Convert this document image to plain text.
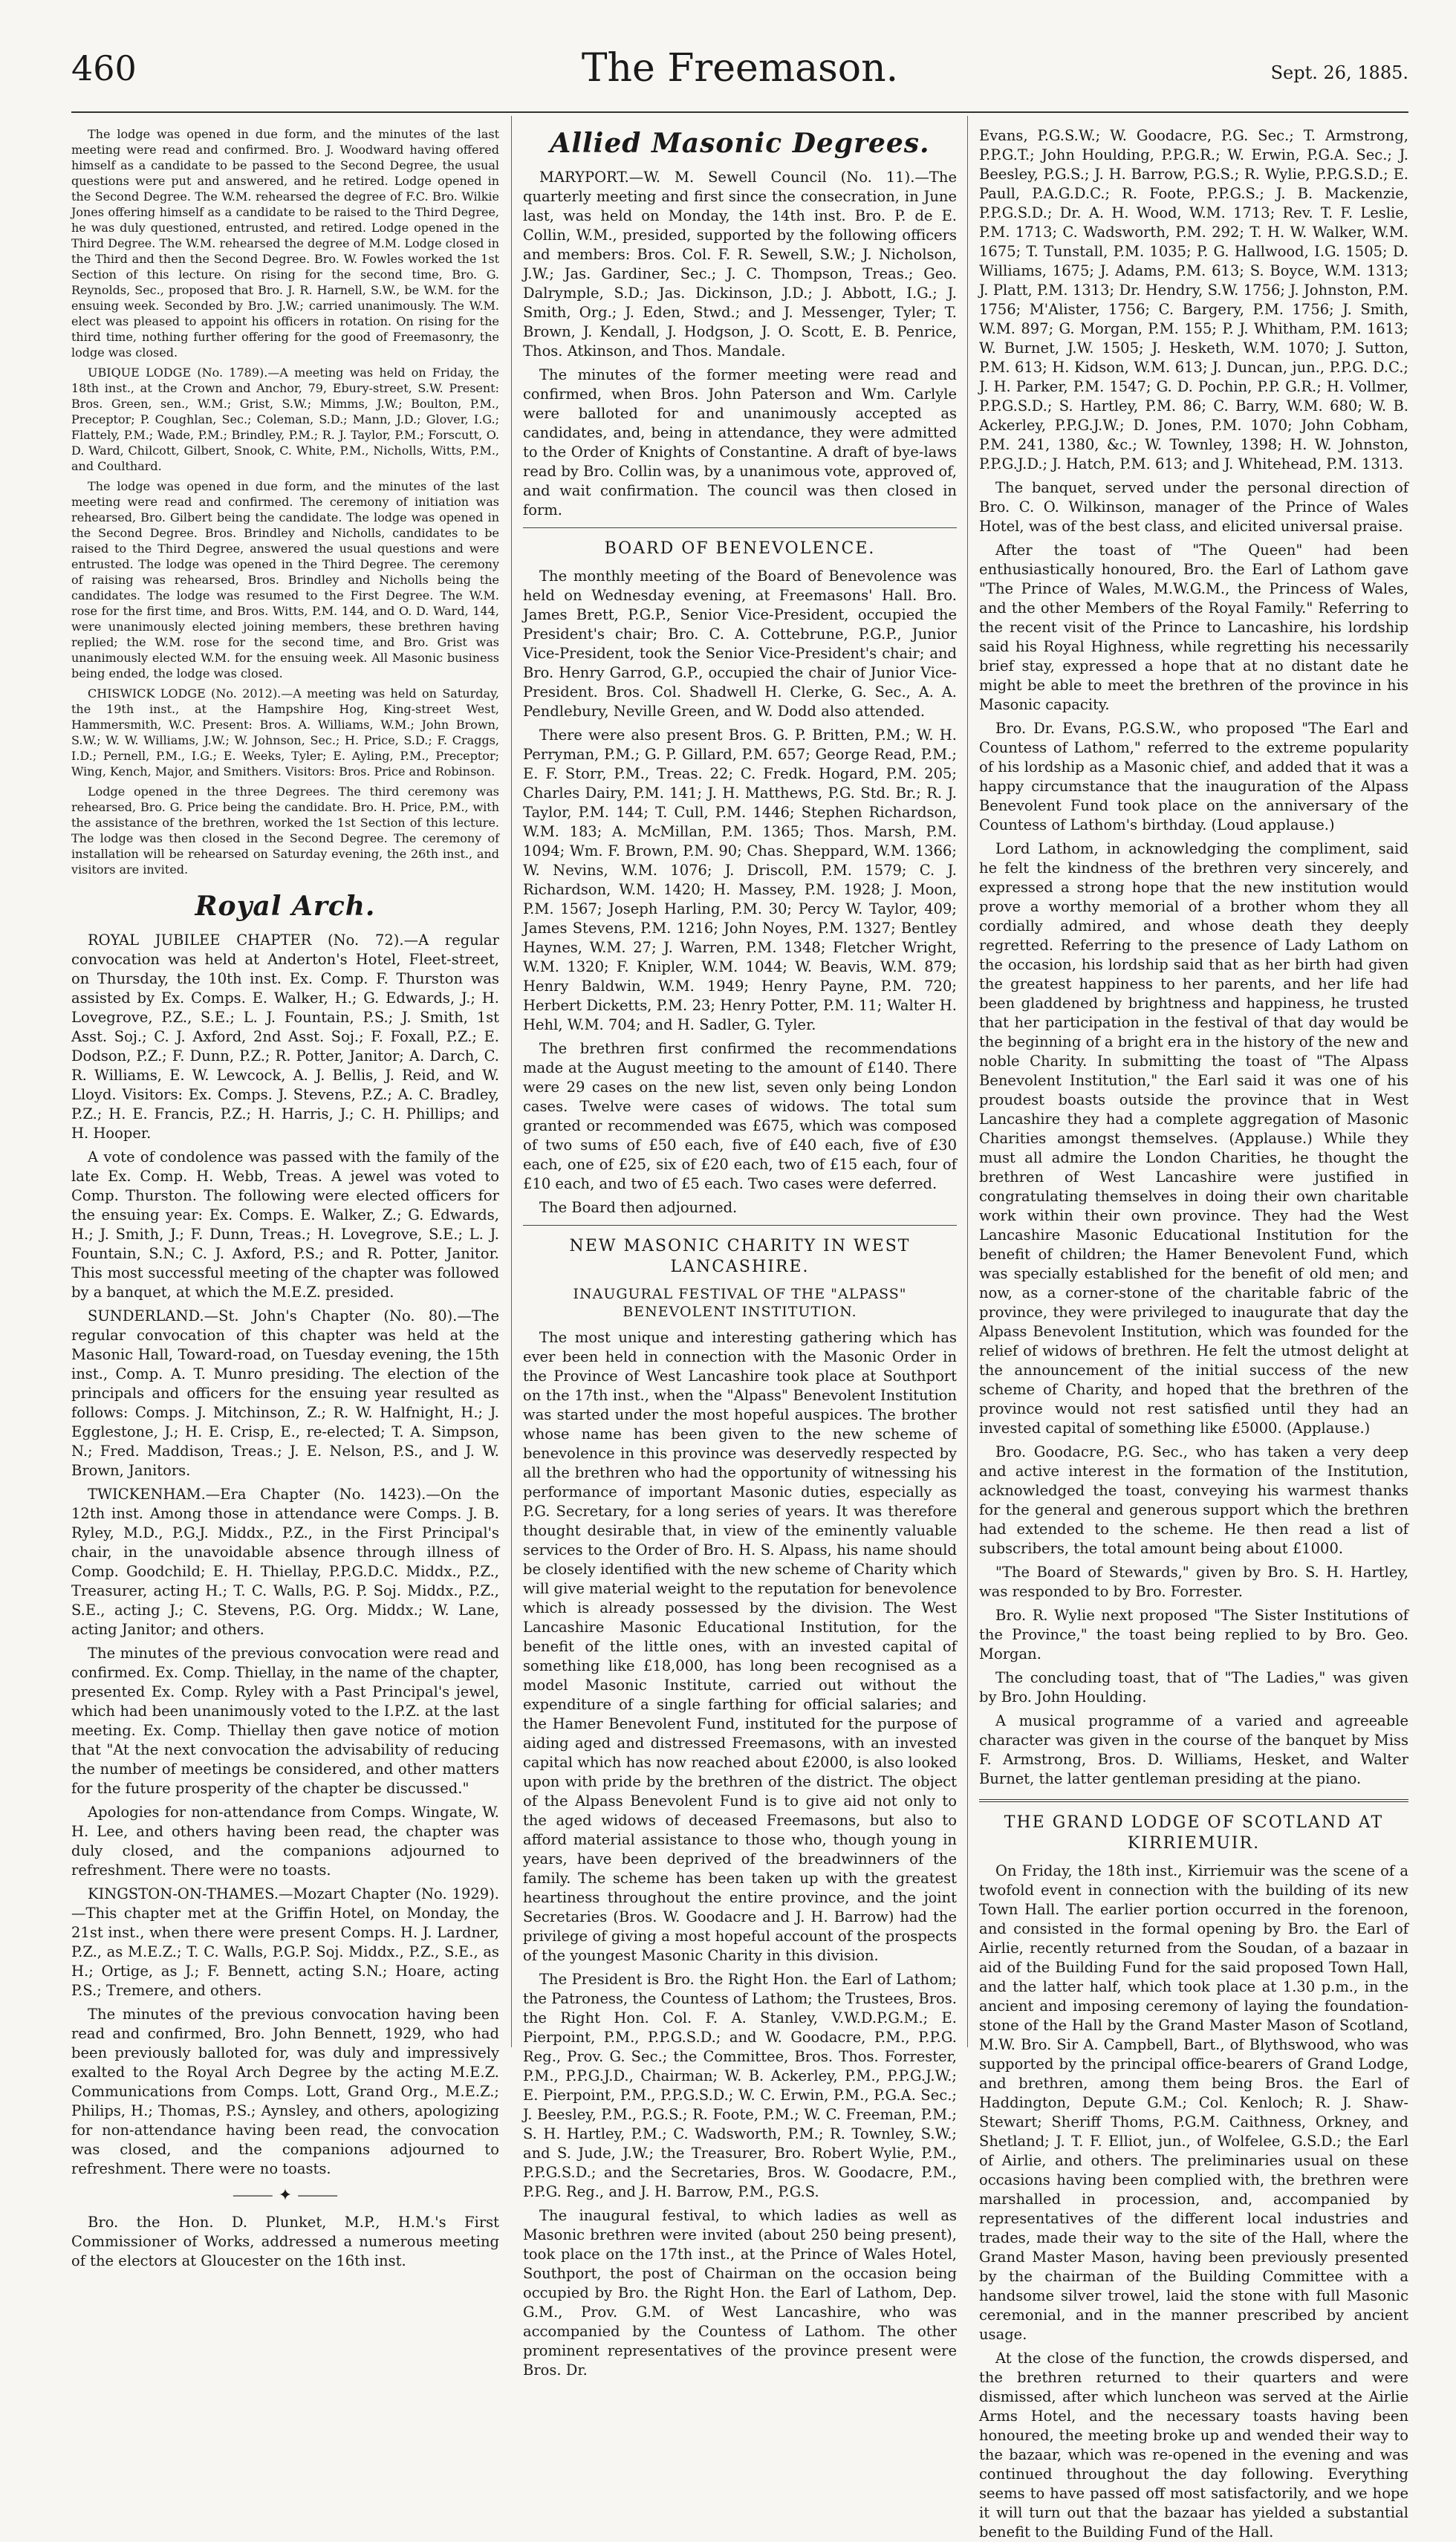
460	The Freemason.	Sept. 26, 1885.

The lodge was opened in due form, and the minutes of the last meeting were read and confirmed. Bro. J. Woodward having offered himself as a candidate to be passed to the Second Degree, the usual questions were put and answered, and he retired. Lodge opened in the Second Degree. The W.M. rehearsed the degree of F.C. Bro. Wilkie Jones offering himself as a candidate to be raised to the Third Degree, he was duly questioned, entrusted, and retired. Lodge opened in the Third Degree. The W.M. rehearsed the degree of M.M. Lodge closed in the Third and then the Second Degree. Bro. W. Fowles worked the 1st Section of this lecture. On rising for the second time, Bro. G. Reynolds, Sec., proposed that Bro. J. R. Harnell, S.W., be W.M. for the ensuing week. Seconded by Bro. J.W.; carried unanimously. The W.M. elect was pleased to appoint his officers in rotation. On rising for the third time, nothing further offering for the good of Freemasonry, the lodge was closed.

UBIQUE LODGE (No. 1789).—A meeting was held on Friday, the 18th inst., at the Crown and Anchor, 79, Ebury-street, S.W. Present: Bros. Green, sen., W.M.; Grist, S.W.; Mimms, J.W.; Boulton, P.M., Preceptor; P. Coughlan, Sec.; Coleman, S.D.; Mann, J.D.; Glover, I.G.; Flattely, P.M.; Wade, P.M.; Brindley, P.M.; R. J. Taylor, P.M.; Forscutt, O. D. Ward, Chilcott, Gilbert, Snook, C. White, P.M., Nicholls, Witts, P.M., and Coulthard.

The lodge was opened in due form, and the minutes of the last meeting were read and confirmed. The ceremony of initiation was rehearsed, Bro. Gilbert being the candidate. The lodge was opened in the Second Degree. Bros. Brindley and Nicholls, candidates to be raised to the Third Degree, answered the usual questions and were entrusted. The lodge was opened in the Third Degree. The ceremony of raising was rehearsed, Bros. Brindley and Nicholls being the candidates. The lodge was resumed to the First Degree. The W.M. rose for the first time, and Bros. Witts, P.M. 144, and O. D. Ward, 144, were unanimously elected joining members, these brethren having replied; the W.M. rose for the second time, and Bro. Grist was unanimously elected W.M. for the ensuing week. All Masonic business being ended, the lodge was closed.

CHISWICK LODGE (No. 2012).—A meeting was held on Saturday, the 19th inst., at the Hampshire Hog, King-street West, Hammersmith, W.C. Present: Bros. A. Williams, W.M.; John Brown, S.W.; W. W. Williams, J.W.; W. Johnson, Sec.; H. Price, S.D.; F. Craggs, I.D.; Pernell, P.M., I.G.; E. Weeks, Tyler; E. Ayling, P.M., Preceptor; Wing, Kench, Major, and Smithers. Visitors: Bros. Price and Robinson.

Lodge opened in the three Degrees. The third ceremony was rehearsed, Bro. G. Price being the candidate. Bro. H. Price, P.M., with the assistance of the brethren, worked the 1st Section of this lecture. The lodge was then closed in the Second Degree. The ceremony of installation will be rehearsed on Saturday evening, the 26th inst., and visitors are invited.

Royal Arch.

ROYAL JUBILEE CHAPTER (No. 72).—A regular convocation was held at Anderton's Hotel, Fleet-street, on Thursday, the 10th inst. Ex. Comp. F. Thurston was assisted by Ex. Comps. E. Walker, H.; G. Edwards, J.; H. Lovegrove, P.Z., S.E.; L. J. Fountain, P.S.; J. Smith, 1st Asst. Soj.; C. J. Axford, 2nd Asst. Soj.; F. Foxall, P.Z.; E. Dodson, P.Z.; F. Dunn, P.Z.; R. Potter, Janitor; A. Darch, C. R. Williams, E. W. Lewcock, A. J. Bellis, J. Reid, and W. Lloyd. Visitors: Ex. Comps. J. Stevens, P.Z.; A. C. Bradley, P.Z.; H. E. Francis, P.Z.; H. Harris, J.; C. H. Phillips; and H. Hooper.

A vote of condolence was passed with the family of the late Ex. Comp. H. Webb, Treas. A jewel was voted to Comp. Thurston. The following were elected officers for the ensuing year: Ex. Comps. E. Walker, Z.; G. Edwards, H.; J. Smith, J.; F. Dunn, Treas.; H. Lovegrove, S.E.; L. J. Fountain, S.N.; C. J. Axford, P.S.; and R. Potter, Janitor. This most successful meeting of the chapter was followed by a banquet, at which the M.E.Z. presided.

SUNDERLAND.—St. John's Chapter (No. 80).—The regular convocation of this chapter was held at the Masonic Hall, Toward-road, on Tuesday evening, the 15th inst., Comp. A. T. Munro presiding. The election of the principals and officers for the ensuing year resulted as follows: Comps. J. Mitchinson, Z.; R. W. Halfnight, H.; J. Egglestone, J.; H. E. Crisp, E., re-elected; T. A. Simpson, N.; Fred. Maddison, Treas.; J. E. Nelson, P.S., and J. W. Brown, Janitors.

TWICKENHAM.—Era Chapter (No. 1423).—On the 12th inst. Among those in attendance were Comps. J. B. Ryley, M.D., P.G.J. Middx., P.Z., in the First Principal's chair, in the unavoidable absence through illness of Comp. Goodchild; E. H. Thiellay, P.P.G.D.C. Middx., P.Z., Treasurer, acting H.; T. C. Walls, P.G. P. Soj. Middx., P.Z., S.E., acting J.; C. Stevens, P.G. Org. Middx.; W. Lane, acting Janitor; and others.

The minutes of the previous convocation were read and confirmed. Ex. Comp. Thiellay, in the name of the chapter, presented Ex. Comp. Ryley with a Past Principal's jewel, which had been unanimously voted to the I.P.Z. at the last meeting. Ex. Comp. Thiellay then gave notice of motion that "At the next convocation the advisability of reducing the number of meetings be considered, and other matters for the future prosperity of the chapter be discussed."

Apologies for non-attendance from Comps. Wingate, W. H. Lee, and others having been read, the chapter was duly closed, and the companions adjourned to refreshment. There were no toasts.

KINGSTON-ON-THAMES.—Mozart Chapter (No. 1929).—This chapter met at the Griffin Hotel, on Monday, the 21st inst., when there were present Comps. H. J. Lardner, P.Z., as M.E.Z.; T. C. Walls, P.G.P. Soj. Middx., P.Z., S.E., as H.; Ortige, as J.; F. Bennett, acting S.N.; Hoare, acting P.S.; Tremere, and others.

The minutes of the previous convocation having been read and confirmed, Bro. John Bennett, 1929, who had been previously balloted for, was duly and impressively exalted to the Royal Arch Degree by the acting M.E.Z. Communications from Comps. Lott, Grand Org., M.E.Z.; Philips, H.; Thomas, P.S.; Aynsley, and others, apologizing for non-attendance having been read, the convocation was closed, and the companions adjourned to refreshment. There were no toasts.

⸻ ✦ ⸻

Bro. the Hon. D. Plunket, M.P., H.M.'s First Commissioner of Works, addressed a numerous meeting of the electors at Gloucester on the 16th inst.

Allied Masonic Degrees.

MARYPORT.—W. M. Sewell Council (No. 11).—The quarterly meeting and first since the consecration, in June last, was held on Monday, the 14th inst. Bro. P. de E. Collin, W.M., presided, supported by the following officers and members: Bros. Col. F. R. Sewell, S.W.; J. Nicholson, J.W.; Jas. Gardiner, Sec.; J. C. Thompson, Treas.; Geo. Dalrymple, S.D.; Jas. Dickinson, J.D.; J. Abbott, I.G.; J. Smith, Org.; J. Eden, Stwd.; and J. Messenger, Tyler; T. Brown, J. Kendall, J. Hodgson, J. O. Scott, E. B. Penrice, Thos. Atkinson, and Thos. Mandale.

The minutes of the former meeting were read and confirmed, when Bros. John Paterson and Wm. Carlyle were balloted for and unanimously accepted as candidates, and, being in attendance, they were admitted to the Order of Knights of Constantine. A draft of bye-laws read by Bro. Collin was, by a unanimous vote, approved of, and wait confirmation. The council was then closed in form.

BOARD OF BENEVOLENCE.

The monthly meeting of the Board of Benevolence was held on Wednesday evening, at Freemasons' Hall. Bro. James Brett, P.G.P., Senior Vice-President, occupied the President's chair; Bro. C. A. Cottebrune, P.G.P., Junior Vice-President, took the Senior Vice-President's chair; and Bro. Henry Garrod, G.P., occupied the chair of Junior Vice-President. Bros. Col. Shadwell H. Clerke, G. Sec., A. A. Pendlebury, Neville Green, and W. Dodd also attended.

There were also present Bros. G. P. Britten, P.M.; W. H. Perryman, P.M.; G. P. Gillard, P.M. 657; George Read, P.M.; E. F. Storr, P.M., Treas. 22; C. Fredk. Hogard, P.M. 205; Charles Dairy, P.M. 141; J. H. Matthews, P.G. Std. Br.; R. J. Taylor, P.M. 144; T. Cull, P.M. 1446; Stephen Richardson, W.M. 183; A. McMillan, P.M. 1365; Thos. Marsh, P.M. 1094; Wm. F. Brown, P.M. 90; Chas. Sheppard, W.M. 1366; W. Nevins, W.M. 1076; J. Driscoll, P.M. 1579; C. J. Richardson, W.M. 1420; H. Massey, P.M. 1928; J. Moon, P.M. 1567; Joseph Harling, P.M. 30; Percy W. Taylor, 409; James Stevens, P.M. 1216; John Noyes, P.M. 1327; Bentley Haynes, W.M. 27; J. Warren, P.M. 1348; Fletcher Wright, W.M. 1320; F. Knipler, W.M. 1044; W. Beavis, W.M. 879; Henry Baldwin, W.M. 1949; Henry Payne, P.M. 720; Herbert Dicketts, P.M. 23; Henry Potter, P.M. 11; Walter H. Hehl, W.M. 704; and H. Sadler, G. Tyler.

The brethren first confirmed the recommendations made at the August meeting to the amount of £140. There were 29 cases on the new list, seven only being London cases. Twelve were cases of widows. The total sum granted or recommended was £675, which was composed of two sums of £50 each, five of £40 each, five of £30 each, one of £25, six of £20 each, two of £15 each, four of £10 each, and two of £5 each. Two cases were deferred.

The Board then adjourned.

NEW MASONIC CHARITY IN WEST LANCASHIRE.
INAUGURAL FESTIVAL OF THE "ALPASS" BENEVOLENT INSTITUTION.

The most unique and interesting gathering which has ever been held in connection with the Masonic Order in the Province of West Lancashire took place at Southport on the 17th inst., when the "Alpass" Benevolent Institution was started under the most hopeful auspices. The brother whose name has been given to the new scheme of benevolence in this province was deservedly respected by all the brethren who had the opportunity of witnessing his performance of important Masonic duties, especially as P.G. Secretary, for a long series of years. It was therefore thought desirable that, in view of the eminently valuable services to the Order of Bro. H. S. Alpass, his name should be closely identified with the new scheme of Charity which will give material weight to the reputation for benevolence which is already possessed by the division. The West Lancashire Masonic Educational Institution, for the benefit of the little ones, with an invested capital of something like £18,000, has long been recognised as a model Masonic Institute, carried out without the expenditure of a single farthing for official salaries; and the Hamer Benevolent Fund, instituted for the purpose of aiding aged and distressed Freemasons, with an invested capital which has now reached about £2000, is also looked upon with pride by the brethren of the district. The object of the Alpass Benevolent Fund is to give aid not only to the aged widows of deceased Freemasons, but also to afford material assistance to those who, though young in years, have been deprived of the breadwinners of the family. The scheme has been taken up with the greatest heartiness throughout the entire province, and the joint Secretaries (Bros. W. Goodacre and J. H. Barrow) had the privilege of giving a most hopeful account of the prospects of the youngest Masonic Charity in this division.

The President is Bro. the Right Hon. the Earl of Lathom; the Patroness, the Countess of Lathom; the Trustees, Bros. the Right Hon. Col. F. A. Stanley, V.W.D.P.G.M.; E. Pierpoint, P.M., P.P.G.S.D.; and W. Goodacre, P.M., P.P.G. Reg., Prov. G. Sec.; the Committee, Bros. Thos. Forrester, P.M., P.P.G.J.D., Chairman; W. B. Ackerley, P.M., P.P.G.J.W.; E. Pierpoint, P.M., P.P.G.S.D.; W. C. Erwin, P.M., P.G.A. Sec.; J. Beesley, P.M., P.G.S.; R. Foote, P.M.; W. C. Freeman, P.M.; S. H. Hartley, P.M.; C. Wadsworth, P.M.; R. Townley, S.W.; and S. Jude, J.W.; the Treasurer, Bro. Robert Wylie, P.M., P.P.G.S.D.; and the Secretaries, Bros. W. Goodacre, P.M., P.P.G. Reg., and J. H. Barrow, P.M., P.G.S.

The inaugural festival, to which ladies as well as Masonic brethren were invited (about 250 being present), took place on the 17th inst., at the Prince of Wales Hotel, Southport, the post of Chairman on the occasion being occupied by Bro. the Right Hon. the Earl of Lathom, Dep. G.M., Prov. G.M. of West Lancashire, who was accompanied by the Countess of Lathom. The other prominent representatives of the province present were Bros. Dr.

Evans, P.G.S.W.; W. Goodacre, P.G. Sec.; T. Armstrong, P.P.G.T.; John Houlding, P.P.G.R.; W. Erwin, P.G.A. Sec.; J. Beesley, P.G.S.; J. H. Barrow, P.G.S.; R. Wylie, P.P.G.S.D.; E. Paull, P.A.G.D.C.; R. Foote, P.P.G.S.; J. B. Mackenzie, P.P.G.S.D.; Dr. A. H. Wood, W.M. 1713; Rev. T. F. Leslie, P.M. 1713; C. Wadsworth, P.M. 292; T. H. W. Walker, W.M. 1675; T. Tunstall, P.M. 1035; P. G. Hallwood, I.G. 1505; D. Williams, 1675; J. Adams, P.M. 613; S. Boyce, W.M. 1313; J. Platt, P.M. 1313; Dr. Hendry, S.W. 1756; J. Johnston, P.M. 1756; M'Alister, 1756; C. Bargery, P.M. 1756; J. Smith, W.M. 897; G. Morgan, P.M. 155; P. J. Whitham, P.M. 1613; W. Burnet, J.W. 1505; J. Hesketh, W.M. 1070; J. Sutton, P.M. 613; H. Kidson, W.M. 613; J. Duncan, jun., P.P.G. D.C.; J. H. Parker, P.M. 1547; G. D. Pochin, P.P. G.R.; H. Vollmer, P.P.G.S.D.; S. Hartley, P.M. 86; C. Barry, W.M. 680; W. B. Ackerley, P.P.G.J.W.; D. Jones, P.M. 1070; John Cobham, P.M. 241, 1380, &c.; W. Townley, 1398; H. W. Johnston, P.P.G.J.D.; J. Hatch, P.M. 613; and J. Whitehead, P.M. 1313.

The banquet, served under the personal direction of Bro. C. O. Wilkinson, manager of the Prince of Wales Hotel, was of the best class, and elicited universal praise.

After the toast of "The Queen" had been enthusiastically honoured, Bro. the Earl of Lathom gave "The Prince of Wales, M.W.G.M., the Princess of Wales, and the other Members of the Royal Family." Referring to the recent visit of the Prince to Lancashire, his lordship said his Royal Highness, while regretting his necessarily brief stay, expressed a hope that at no distant date he might be able to meet the brethren of the province in his Masonic capacity.

Bro. Dr. Evans, P.G.S.W., who proposed "The Earl and Countess of Lathom," referred to the extreme popularity of his lordship as a Masonic chief, and added that it was a happy circumstance that the inauguration of the Alpass Benevolent Fund took place on the anniversary of the Countess of Lathom's birthday. (Loud applause.)

Lord Lathom, in acknowledging the compliment, said he felt the kindness of the brethren very sincerely, and expressed a strong hope that the new institution would prove a worthy memorial of a brother whom they all cordially admired, and whose death they deeply regretted. Referring to the presence of Lady Lathom on the occasion, his lordship said that as her birth had given the greatest happiness to her parents, and her life had been gladdened by brightness and happiness, he trusted that her participation in the festival of that day would be the beginning of a bright era in the history of the new and noble Charity. In submitting the toast of "The Alpass Benevolent Institution," the Earl said it was one of his proudest boasts outside the province that in West Lancashire they had a complete aggregation of Masonic Charities amongst themselves. (Applause.) While they must all admire the London Charities, he thought the brethren of West Lancashire were justified in congratulating themselves in doing their own charitable work within their own province. They had the West Lancashire Masonic Educational Institution for the benefit of children; the Hamer Benevolent Fund, which was specially established for the benefit of old men; and now, as a corner-stone of the charitable fabric of the province, they were privileged to inaugurate that day the Alpass Benevolent Institution, which was founded for the relief of widows of brethren. He felt the utmost delight at the announcement of the initial success of the new scheme of Charity, and hoped that the brethren of the province would not rest satisfied until they had an invested capital of something like £5000. (Applause.)

Bro. Goodacre, P.G. Sec., who has taken a very deep and active interest in the formation of the Institution, acknowledged the toast, conveying his warmest thanks for the general and generous support which the brethren had extended to the scheme. He then read a list of subscribers, the total amount being about £1000.

"The Board of Stewards," given by Bro. S. H. Hartley, was responded to by Bro. Forrester.

Bro. R. Wylie next proposed "The Sister Institutions of the Province," the toast being replied to by Bro. Geo. Morgan.

The concluding toast, that of "The Ladies," was given by Bro. John Houlding.

A musical programme of a varied and agreeable character was given in the course of the banquet by Miss F. Armstrong, Bros. D. Williams, Hesket, and Walter Burnet, the latter gentleman presiding at the piano.

THE GRAND LODGE OF SCOTLAND AT KIRRIEMUIR.

On Friday, the 18th inst., Kirriemuir was the scene of a twofold event in connection with the building of its new Town Hall. The earlier portion occurred in the forenoon, and consisted in the formal opening by Bro. the Earl of Airlie, recently returned from the Soudan, of a bazaar in aid of the Building Fund for the said proposed Town Hall, and the latter half, which took place at 1.30 p.m., in the ancient and imposing ceremony of laying the foundation-stone of the Hall by the Grand Master Mason of Scotland, M.W. Bro. Sir A. Campbell, Bart., of Blythswood, who was supported by the principal office-bearers of Grand Lodge, and brethren, among them being Bros. the Earl of Haddington, Depute G.M.; Col. Kenloch; R. J. Shaw-Stewart; Sheriff Thoms, P.G.M. Caithness, Orkney, and Shetland; J. T. F. Elliot, jun., of Wolfelee, G.S.D.; the Earl of Airlie, and others. The preliminaries usual on these occasions having been complied with, the brethren were marshalled in procession, and, accompanied by representatives of the different local industries and trades, made their way to the site of the Hall, where the Grand Master Mason, having been previously presented by the chairman of the Building Committee with a handsome silver trowel, laid the stone with full Masonic ceremonial, and in the manner prescribed by ancient usage.

At the close of the function, the crowds dispersed, and the brethren returned to their quarters and were dismissed, after which luncheon was served at the Airlie Arms Hotel, and the necessary toasts having been honoured, the meeting broke up and wended their way to the bazaar, which was re-opened in the evening and was continued throughout the day following. Everything seems to have passed off most satisfactorily, and we hope it will turn out that the bazaar has yielded a substantial benefit to the Building Fund of the Hall.
